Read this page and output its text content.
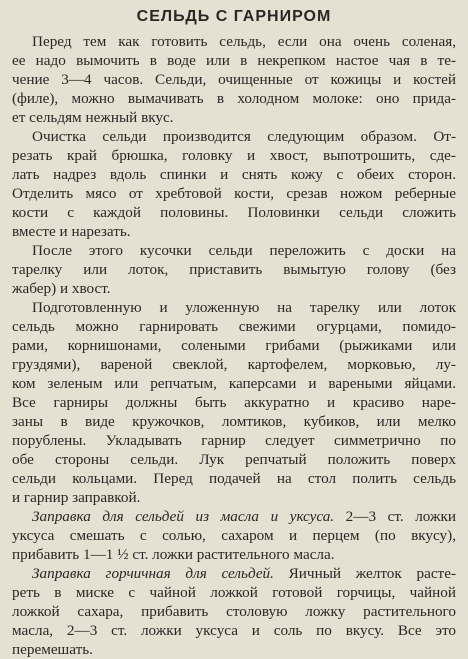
СЕЛЬДЬ С ГАРНИРОМ
Перед тем как готовить сельдь, если она очень соленая,
ее надо вымочить в воде или в некрепком настое чая в те-
чение 3—4 часов. Сельди, очищенные от кожицы и костей
(филе), можно вымачивать в холодном молоке: оно прида-
ет сельдям нежный вкус.
Очистка сельди производится следующим образом. От-
резать край брюшка, головку и хвост, выпотрошить, сде-
лать надрез вдоль спинки и снять кожу с обеих сторон.
Отделить мясо от хребтовой кости, срезав ножом реберные
кости с каждой половины. Половинки сельди сложить
вместе и нарезать.
После этого кусочки сельди переложить с доски на
тарелку или лоток, приставить вымытую голову (без
жабер) и хвост.
Подготовленную и уложенную на тарелку или лоток
сельдь можно гарнировать свежими огурцами, помидо-
рами, корнишонами, солеными грибами (рыжиками или
груздями), вареной свеклой, картофелем, морковью, лу-
ком зеленым или репчатым, каперсами и вареными яйцами.
Все гарниры должны быть аккуратно и красиво наре-
заны в виде кружочков, ломтиков, кубиков, или мелко
порублены. Укладывать гарнир следует симметрично по
обе стороны сельди. Лук репчатый положить поверх
сельди кольцами. Перед подачей на стол полить сельдь
и гарнир заправкой.
Заправка для сельдей из масла и уксуса. 2—3 ст. ложки
уксуса смешать с солью, сахаром и перцем (по вкусу),
прибавить 1—1 ½ ст. ложки растительного масла.
Заправка горчичная для сельдей. Яичный желток расте-
реть в миске с чайной ложкой готовой горчицы, чайной
ложкой сахара, прибавить столовую ложку растительного
масла, 2—3 ст. ложки уксуса и соль по вкусу. Все это
перемешать.
